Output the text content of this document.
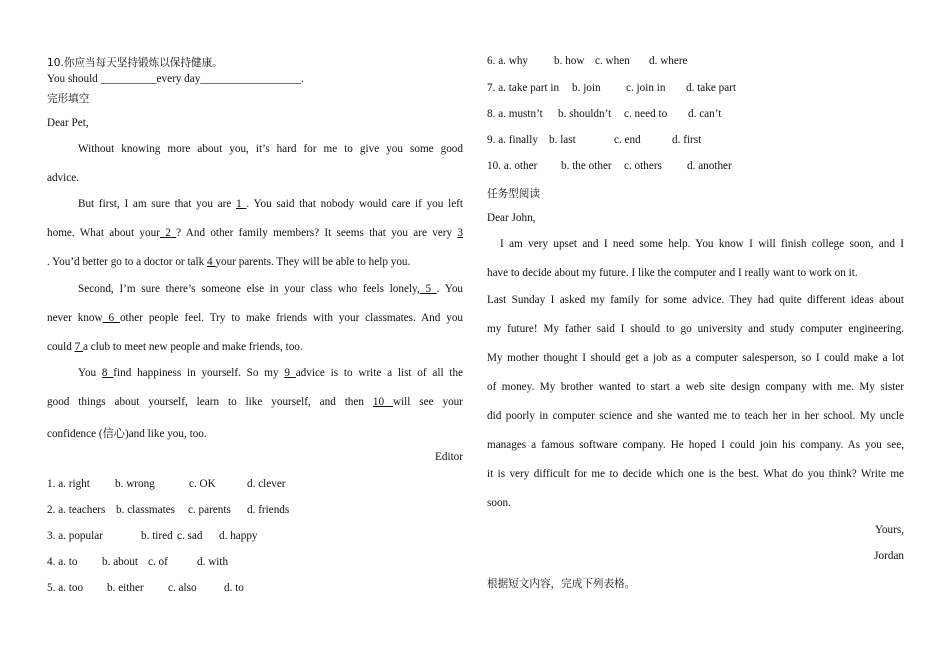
10.你应当每天坚持锻炼以保持健康。
You should __________every day__________________.
完形填空
Dear Pet,
Without knowing more about you, it’s hard for me to give you some good
advice.
But first, I am sure that you are 1 . You said that nobody would care if you left
home. What about your 2 ? And other family members? It seems that you are very 3
. You’d better go to a doctor or talk 4 your parents. They will be able to help you.
Second, I’m sure there’s someone else in your class who feels lonely, 5 . You
never know 6 other people feel. Try to make friends with your classmates. And you
could 7 a club to meet new people and make friends, too.
You 8 find happiness in yourself. So my 9 advice is to write a list of all the
good things about yourself, learn to like yourself, and then 10 will see your
confidence (信心)and like you, too.
Editor
1. a. right b. wrong	c. OK	d. clever
2. a. teachers b. classmates c. parents d. friends
3. a. popular	b. tired c. sad d. happy
4. a. to b. about c. of	d. with
5. a. too b. either c. also d. to
6. a. why b. how c. when d. where
7. a. take part in b. join c. join in d. take part
8. a. mustn’t b. shouldn’t c. need to d. can’t
9. a. finally b. last	c. end	d. first
10. a. other b. the other c. others d. another
任务型阅读
Dear John,
I am very upset and I need some help. You know I will finish college soon, and I
have to decide about my future. I like the computer and I really want to work on it.
Last Sunday I asked my family for some advice. They had quite different ideas about
my future! My father said I should to go university and study computer engineering.
My mother thought I should get a job as a computer salesperson, so I could make a lot
of money. My brother wanted to start a web site design company with me. My sister
did poorly in computer science and she wanted me to teach her in her school. My uncle
manages a famous software company. He hoped I could join his company. As you see,
it is very difficult for me to decide which one is the best. What do you think? Write me
soon.
Yours,
Jordan
根据短文内容，完成下列表格。
